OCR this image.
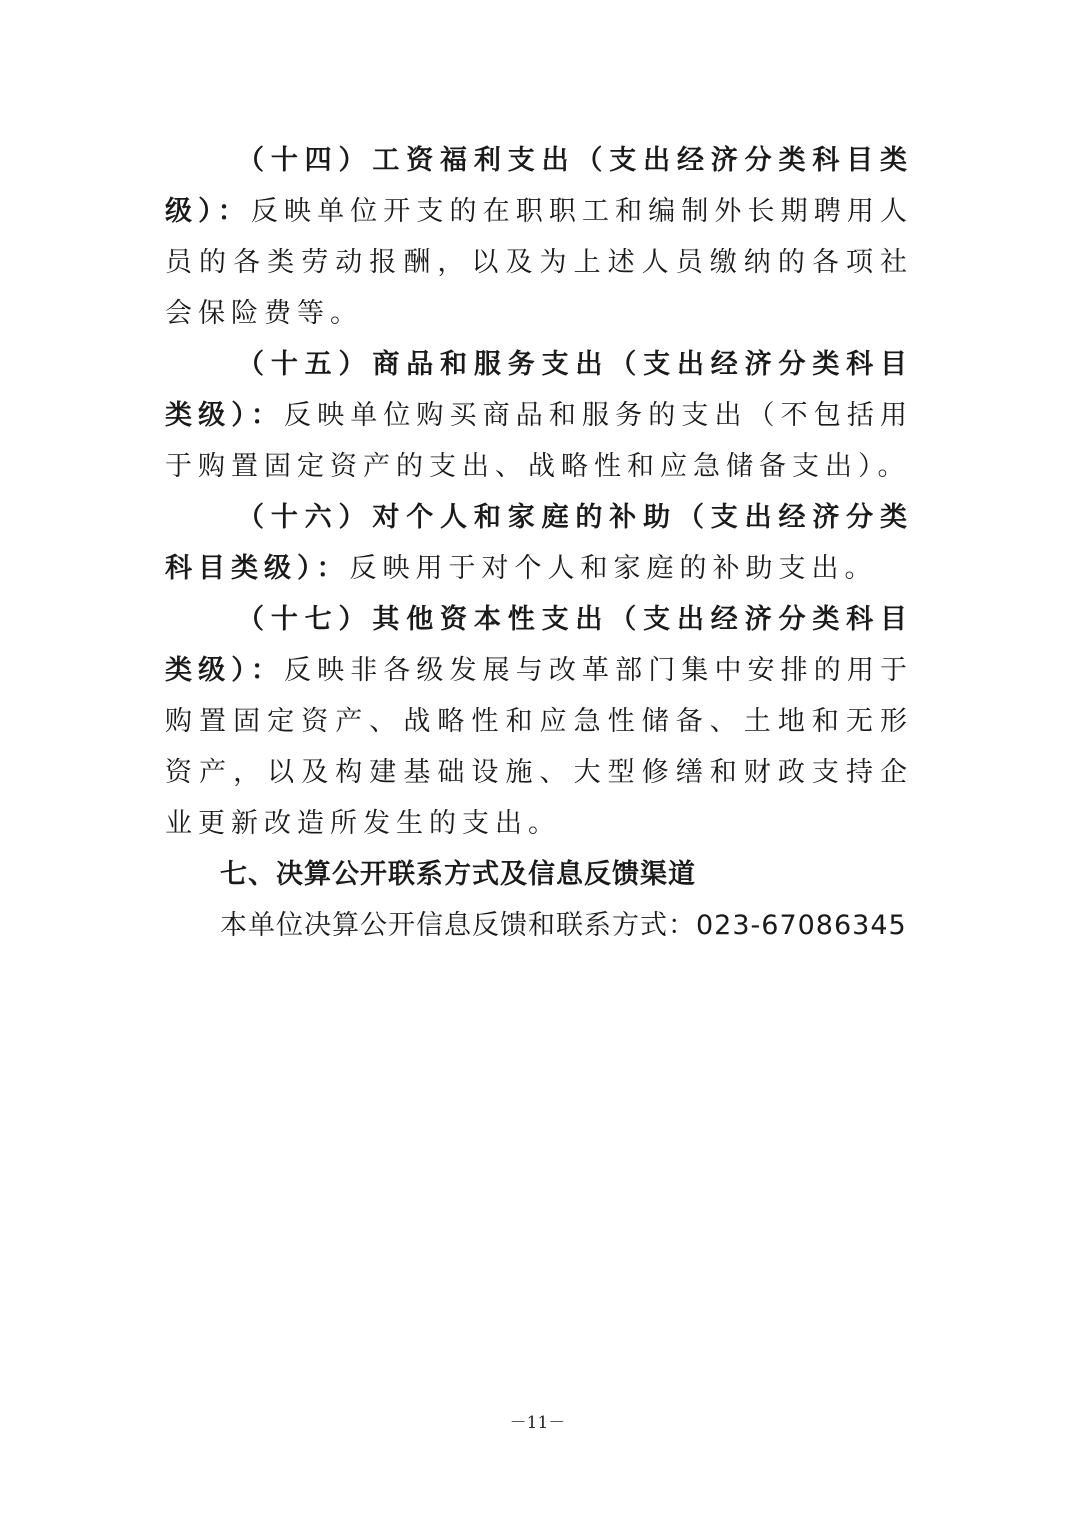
（十四）工资福利支出（支出经济分类科目类级）：反映单位开支的在职职工和编制外长期聘用人员的各类劳动报酬，以及为上述人员缴纳的各项社会保险费等。

（十五）商品和服务支出（支出经济分类科目类级）：反映单位购买商品和服务的支出（不包括用于购置固定资产的支出、战略性和应急储备支出）。

（十六）对个人和家庭的补助（支出经济分类科目类级）：反映用于对个人和家庭的补助支出。

（十七）其他资本性支出（支出经济分类科目类级）：反映非各级发展与改革部门集中安排的用于购置固定资产、战略性和应急性储备、土地和无形资产，以及构建基础设施、大型修缮和财政支持企业更新改造所发生的支出。

七、决算公开联系方式及信息反馈渠道

本单位决算公开信息反馈和联系方式：023-67086345

－11－
